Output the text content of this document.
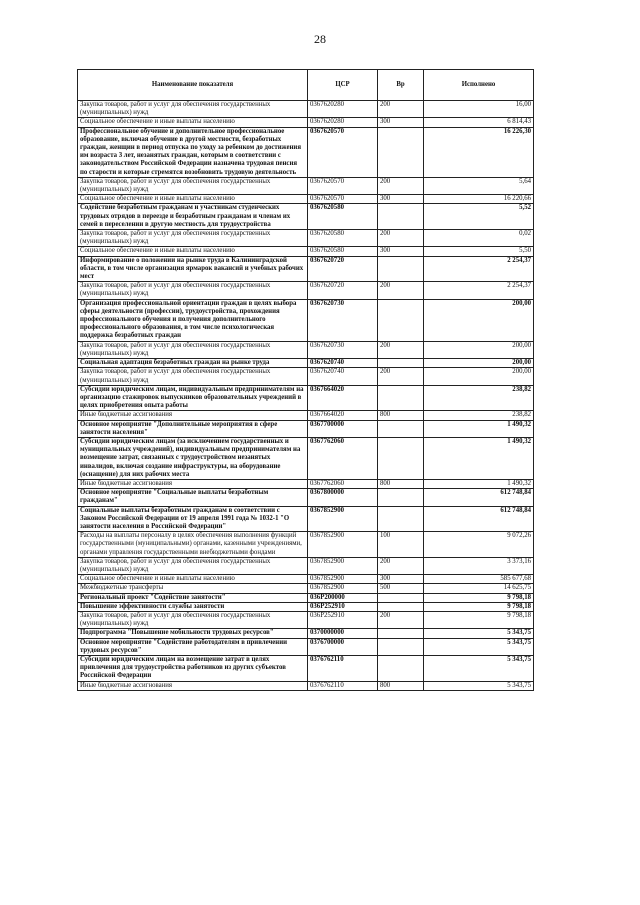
28
Наименование показателя	ЦСР	Вр	Исполнено
Закупка товаров, работ и услуг для обеспечения государственных (муниципальных) нужд	0367620280	200	16,00
Социальное обеспечение и иные выплаты населению	0367620280	300	6 814,43
Профессиональное обучение и дополнительное профессиональное образование, включая обучение в другой местности, безработных граждан, женщин в период отпуска по уходу за ребенком до достижения им возраста 3 лет, незанятых граждан, которым в соответствии с законодательством Российской Федерации назначена трудовая пенсия по старости и которые стремятся возобновить трудовую деятельность	0367620570		16 226,30
Закупка товаров, работ и услуг для обеспечения государственных (муниципальных) нужд	0367620570	200	5,64
Социальное обеспечение и иные выплаты населению	0367620570	300	16 220,66
Содействие безработным гражданам и участникам студенческих трудовых отрядов в переезде и безработным гражданам и членам их семей в переселении в другую местность для трудоустройства	0367620580		5,52
Закупка товаров, работ и услуг для обеспечения государственных (муниципальных) нужд	0367620580	200	0,02
Социальное обеспечение и иные выплаты населению	0367620580	300	5,50
Информирование о положении на рынке труда в Калининградской области, в том числе организация ярмарок вакансий и учебных рабочих мест	0367620720		2 254,37
Закупка товаров, работ и услуг для обеспечения государственных (муниципальных) нужд	0367620720	200	2 254,37
Организация профессиональной ориентации граждан в целях выбора сферы деятельности (профессии), трудоустройства, прохождения профессионального обучения и получения дополнительного профессионального образования, в том числе психологическая поддержка безработных граждан	0367620730		200,00
Закупка товаров, работ и услуг для обеспечения государственных (муниципальных) нужд	0367620730	200	200,00
Социальная адаптация безработных граждан на рынке труда	0367620740		200,00
Закупка товаров, работ и услуг для обеспечения государственных (муниципальных) нужд	0367620740	200	200,00
Субсидии юридическим лицам, индивидуальным предпринимателям на организацию стажировок выпускников образовательных учреждений в целях приобретения опыта работы	0367664020		238,82
Иные бюджетные ассигнования	0367664020	800	238,82
Основное мероприятие "Дополнительные мероприятия в сфере занятости населения"	0367700000		1 490,32
Субсидии юридическим лицам (за исключением государственных и муниципальных учреждений), индивидуальным предпринимателям на возмещение затрат, связанных с трудоустройством незанятых инвалидов, включая создание инфраструктуры, на оборудование (оснащение) для них рабочих места	0367762060		1 490,32
Иные бюджетные ассигнования	0367762060	800	1 490,32
Основное мероприятие "Социальные выплаты безработным гражданам"	0367800000		612 748,84
Социальные выплаты безработным гражданам в соответствии с Законом Российской Федерации от 19 апреля 1991 года № 1032-1 "О занятости населения в Российской Федерации"	0367852900		612 748,84
Расходы на выплаты персоналу в целях обеспечения выполнения функций государственными (муниципальными) органами, казенными учреждениями, органами управления государственными внебюджетными фондами	0367852900	100	9 072,26
Закупка товаров, работ и услуг для обеспечения государственных (муниципальных) нужд	0367852900	200	3 373,16
Социальное обеспечение и иные выплаты населению	0367852900	300	585 677,68
Межбюджетные трансферты	0367852900	500	14 625,75
Региональный проект "Содействие занятости"	036P200000		9 798,18
Повышение эффективности службы занятости	036P252910		9 798,18
Закупка товаров, работ и услуг для обеспечения государственных (муниципальных) нужд	036P252910	200	9 798,18
Подпрограмма "Повышение мобильности трудовых ресурсов"	0370000000		5 343,75
Основное мероприятие "Содействие работодателям в привлечении трудовых ресурсов"	0376700000		5 343,75
Субсидии юридическим лицам на возмещение затрат в целях привлечения для трудоустройства работников из других субъектов Российской Федерации	0376762110		5 343,75
Иные бюджетные ассигнования	0376762110	800	5 343,75
